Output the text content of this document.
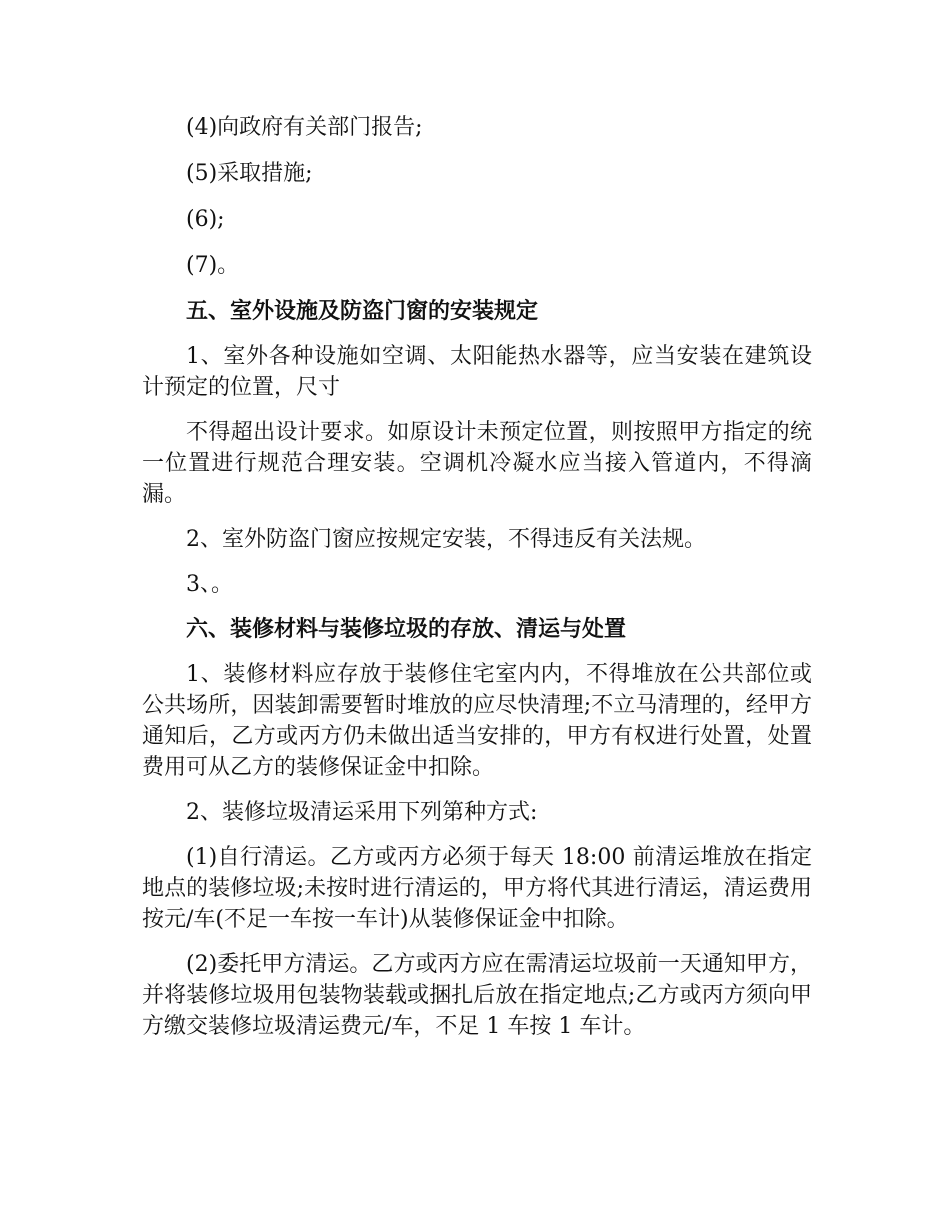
(4)向政府有关部门报告;

(5)采取措施;

(6);

(7)。

五、室外设施及防盗门窗的安装规定

1、室外各种设施如空调、太阳能热水器等，应当安装在建筑设计预定的位置，尺寸

不得超出设计要求。如原设计未预定位置，则按照甲方指定的统一位置进行规范合理安装。空调机冷凝水应当接入管道内，不得滴漏。

2、室外防盗门窗应按规定安装，不得违反有关法规。

3、。

六、装修材料与装修垃圾的存放、清运与处置

1、装修材料应存放于装修住宅室内内，不得堆放在公共部位或公共场所，因装卸需要暂时堆放的应尽快清理;不立马清理的，经甲方通知后，乙方或丙方仍未做出适当安排的，甲方有权进行处置，处置费用可从乙方的装修保证金中扣除。

2、装修垃圾清运采用下列第种方式:

(1)自行清运。乙方或丙方必须于每天 18:00 前清运堆放在指定地点的装修垃圾;未按时进行清运的，甲方将代其进行清运，清运费用按元/车(不足一车按一车计)从装修保证金中扣除。

(2)委托甲方清运。乙方或丙方应在需清运垃圾前一天通知甲方，并将装修垃圾用包装物装载或捆扎后放在指定地点;乙方或丙方须向甲方缴交装修垃圾清运费元/车，不足 1 车按 1 车计。
